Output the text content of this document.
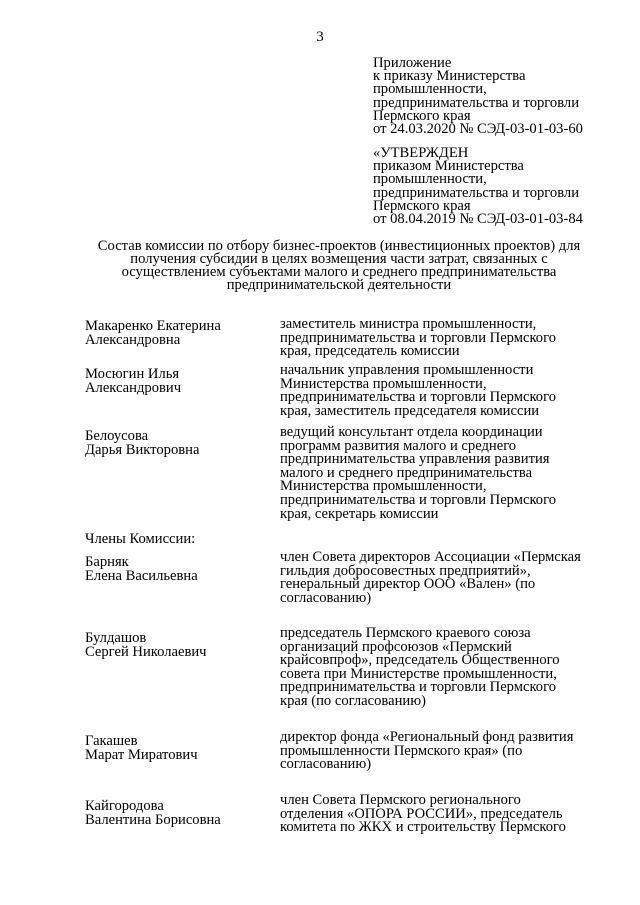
3
Приложение
к приказу Министерства
промышленности,
предпринимательства и торговли
Пермского края
от 24.03.2020 № СЭД-03-01-03-60
«УТВЕРЖДЕН
приказом Министерства
промышленности,
предпринимательства и торговли
Пермского края
от 08.04.2019 № СЭД-03-01-03-84
Состав комиссии по отбору бизнес-проектов (инвестиционных проектов) для
получения субсидии в целях возмещения части затрат, связанных с
осуществлением субъектами малого и среднего предпринимательства
предпринимательской деятельности
Макаренко Екатерина
Александровна
заместитель министра промышленности,
предпринимательства и торговли Пермского
края, председатель комиссии
Мосюгин Илья
Александрович
начальник управления промышленности
Министерства промышленности,
предпринимательства и торговли Пермского
края, заместитель председателя комиссии
Белоусова
Дарья Викторовна
ведущий консультант отдела координации
программ развития малого и среднего
предпринимательства управления развития
малого и среднего предпринимательства
Министерства промышленности,
предпринимательства и торговли Пермского
края, секретарь комиссии
Члены Комиссии:
Барняк
Елена Васильевна
член Совета директоров Ассоциации «Пермская
гильдия добросовестных предприятий»,
генеральный директор ООО «Вален» (по
согласованию)
Булдашов
Сергей Николаевич
председатель Пермского краевого союза
организаций профсоюзов «Пермский
крайсовпроф», председатель Общественного
совета при Министерстве промышленности,
предпринимательства и торговли Пермского
края (по согласованию)
Гакашев
Марат Миратович
директор фонда «Региональный фонд развития
промышленности Пермского края» (по
согласованию)
Кайгородова
Валентина Борисовна
член Совета Пермского регионального
отделения «ОПОРА РОССИИ», председатель
комитета по ЖКХ и строительству Пермского
